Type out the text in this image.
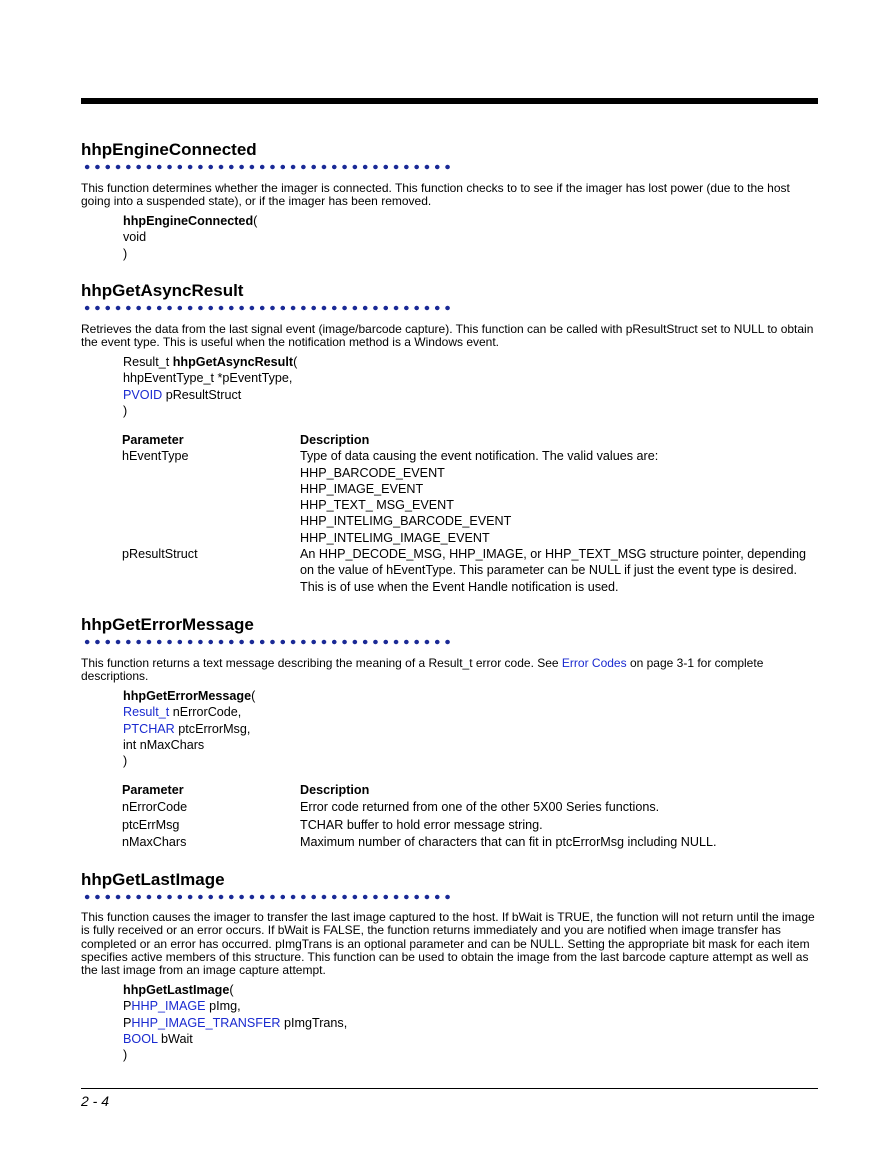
hhpEngineConnected

This function determines whether the imager is connected. This function checks to to see if the imager has lost power (due to the host going into a suspended state), or if the imager has been removed.

hhpEngineConnected(
void
)
hhpGetAsyncResult

Retrieves the data from the last signal event (image/barcode capture). This function can be called with pResultStruct set to NULL to obtain the event type. This is useful when the notification method is a Windows event.

Result_t hhpGetAsyncResult(
hhpEventType_t *pEventType,
PVOID pResultStruct
)
Parameter	Description
hEventType	Type of data causing the event notification. The valid values are:
HHP_BARCODE_EVENT
HHP_IMAGE_EVENT
HHP_TEXT_ MSG_EVENT
HHP_INTELIMG_BARCODE_EVENT
HHP_INTELIMG_IMAGE_EVENT
pResultStruct	An HHP_DECODE_MSG, HHP_IMAGE, or HHP_TEXT_MSG structure pointer, depending on the value of hEventType. This parameter can be NULL if just the event type is desired. This is of use when the Event Handle notification is used.
hhpGetErrorMessage

This function returns a text message describing the meaning of a Result_t error code. See Error Codes on page 3-1 for complete descriptions.

hhpGetErrorMessage(
Result_t nErrorCode,
PTCHAR ptcErrorMsg,
int nMaxChars
)
Parameter	Description
nErrorCode	Error code returned from one of the other 5X00 Series functions.
ptcErrMsg	TCHAR buffer to hold error message string.
nMaxChars	Maximum number of characters that can fit in ptcErrorMsg including NULL.
hhpGetLastImage

This function causes the imager to transfer the last image captured to the host. If bWait is TRUE, the function will not return until the image is fully received or an error occurs. If bWait is FALSE, the function returns immediately and you are notified when image transfer has completed or an error has occurred. pImgTrans is an optional parameter and can be NULL. Setting the appropriate bit mask for each item specifies active members of this structure. This function can be used to obtain the image from the last barcode capture attempt as well as the last image from an image capture attempt.

hhpGetLastImage(
PHHP_IMAGE pImg,
PHHP_IMAGE_TRANSFER pImgTrans,
BOOL bWait
)
2 - 4
